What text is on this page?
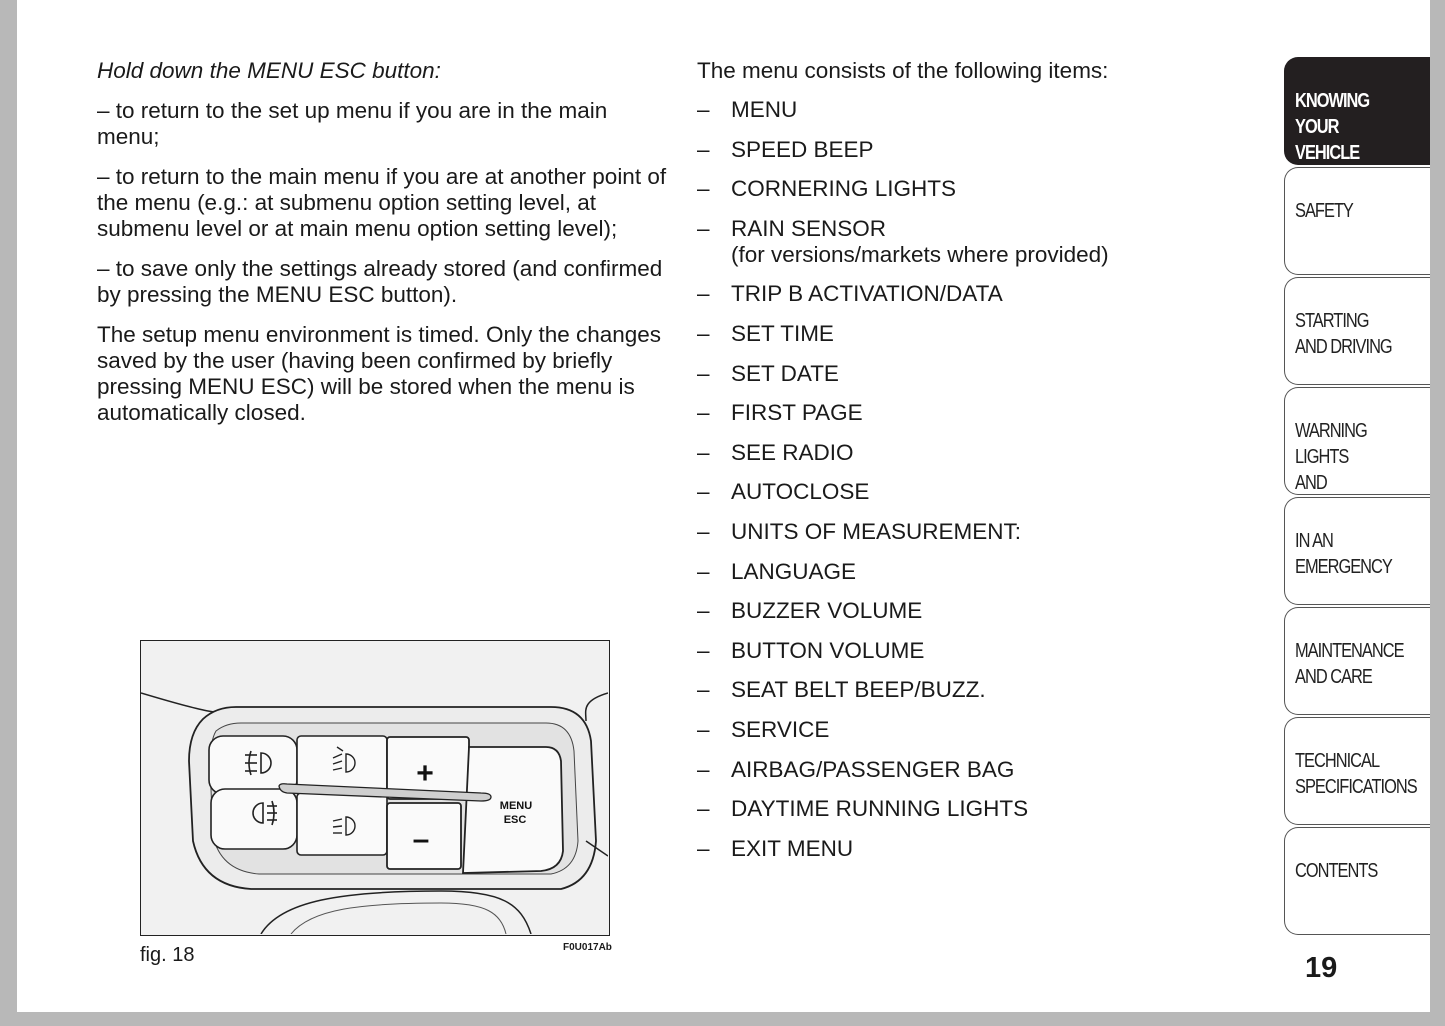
Hold down the MENU ESC button:

– to return to the set up menu if you are in the main menu;

– to return to the main menu if you are at another point of the menu (e.g.: at submenu option setting level, at submenu level or at main menu option setting level);

– to save only the settings already stored (and confirmed by pressing the MENU ESC button).

The setup menu environment is timed. Only the changes saved by the user (having been confirmed by briefly pressing MENU ESC) will be stored when the menu is automatically closed.

The menu consists of the following items:

– MENU
– SPEED BEEP
– CORNERING LIGHTS
– RAIN SENSOR
(for versions/markets where provided)
– TRIP B ACTIVATION/DATA
– SET TIME
– SET DATE
– FIRST PAGE
– SEE RADIO
– AUTOCLOSE
– UNITS OF MEASUREMENT:
– LANGUAGE
– BUZZER VOLUME
– BUTTON VOLUME
– SEAT BELT BEEP/BUZZ.
– SERVICE
– AIRBAG/PASSENGER BAG
– DAYTIME RUNNING LIGHTS
– EXIT MENU
+
–
MENU
ESC
fig. 18	F0U017Ab
KNOWING
YOUR VEHICLE
SAFETY
STARTING
AND DRIVING
WARNING LIGHTS
AND
IN AN
EMERGENCY
MAINTENANCE
AND CARE
TECHNICAL
SPECIFICATIONS
CONTENTS
19
